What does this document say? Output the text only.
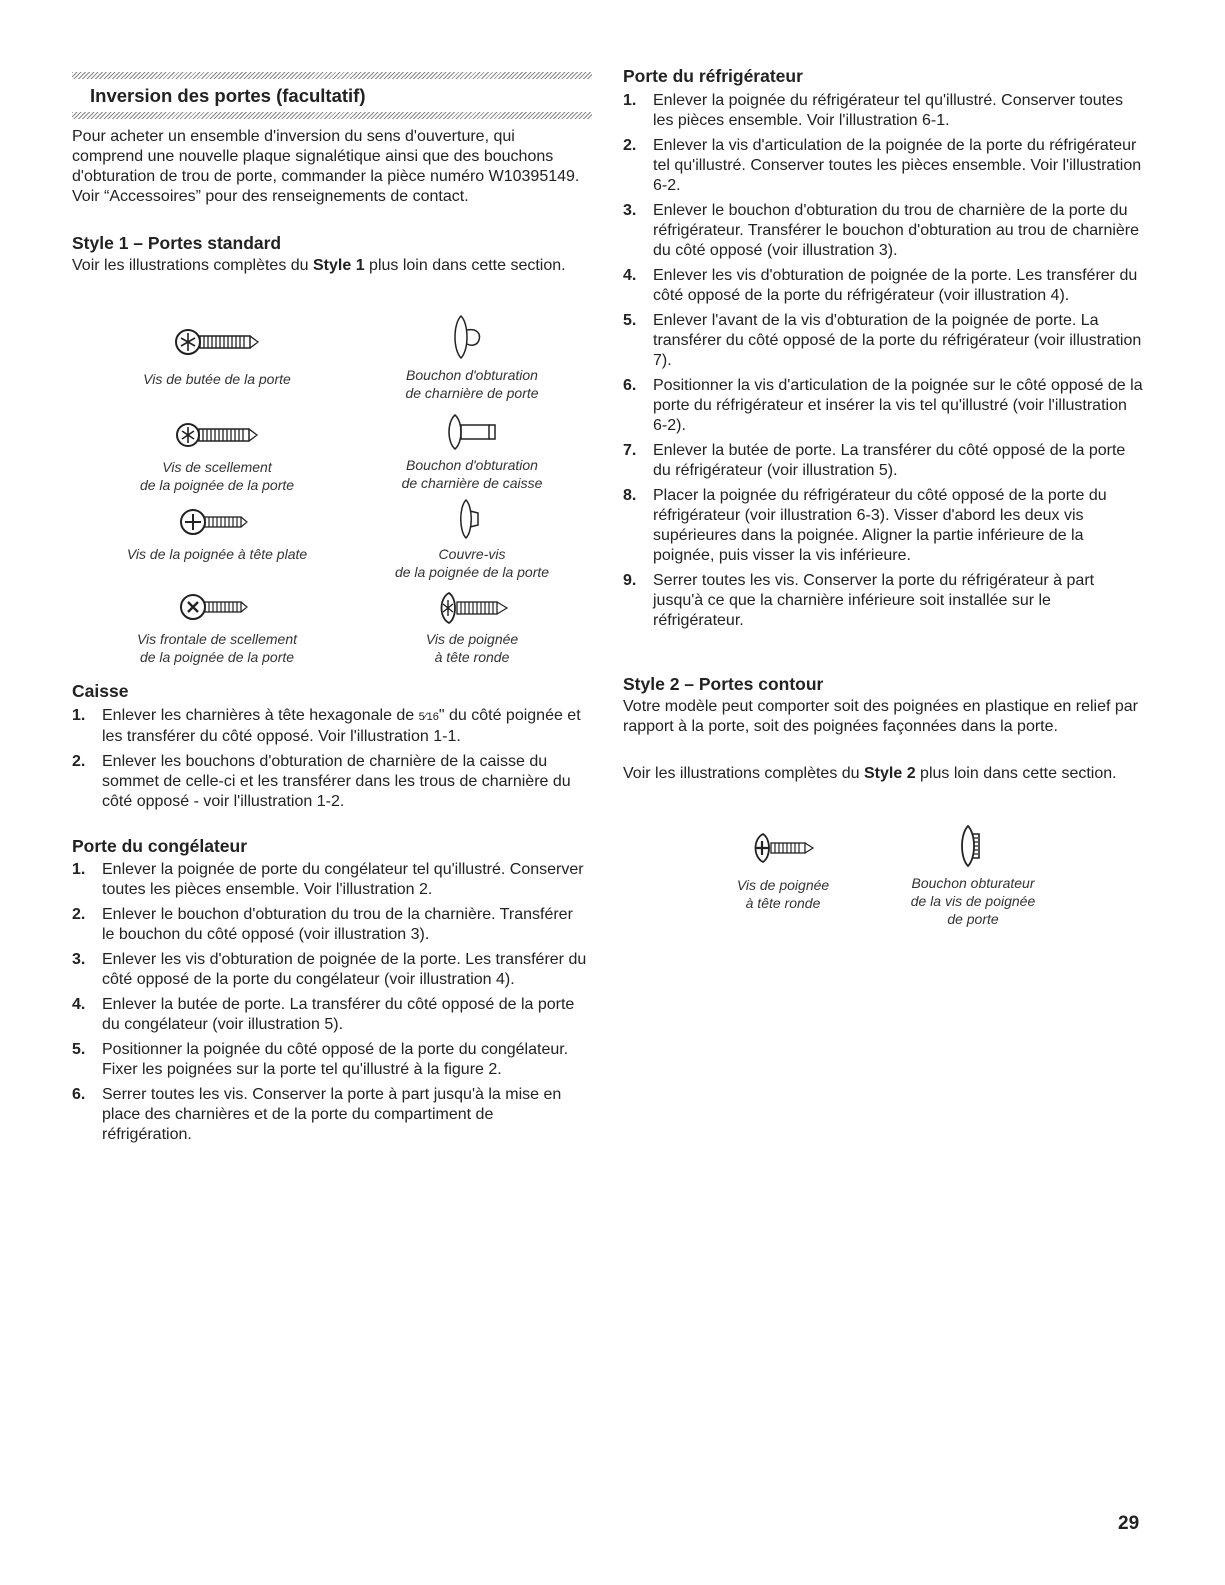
Inversion des portes (facultatif)

Pour acheter un ensemble d'inversion du sens d'ouverture, qui comprend une nouvelle plaque signalétique ainsi que des bouchons d'obturation de trou de porte, commander la pièce numéro W10395149. Voir “Accessoires” pour des renseignements de contact.

Style 1 – Portes standard

Voir les illustrations complètes du Style 1 plus loin dans cette section.

Vis de butée de la porte	Bouchon d'obturation
de charnière de porte
Vis de scellement
de la poignée de la porte
Bouchon d'obturation
de charnière de caisse
Vis de la poignée à tête plate	Couvre-vis
de la poignée de la porte
Vis frontale de scellement
de la poignée de la porte
Vis de poignée
à tête ronde
Caisse
1. Enlever les charnières à tête hexagonale de 5⁄16" du côté poignée et les transférer du côté opposé. Voir l'illustration 1-1.
2. Enlever les bouchons d'obturation de charnière de la caisse du sommet de celle-ci et les transférer dans les trous de charnière du côté opposé - voir l'illustration 1-2.
Porte du congélateur
1. Enlever la poignée de porte du congélateur tel qu'illustré. Conserver toutes les pièces ensemble. Voir l'illustration 2.
2. Enlever le bouchon d'obturation du trou de la charnière. Transférer le bouchon du côté opposé (voir illustration 3).
3. Enlever les vis d'obturation de poignée de la porte. Les transférer du côté opposé de la porte du congélateur (voir illustration 4).
4. Enlever la butée de porte. La transférer du côté opposé de la porte du congélateur (voir illustration 5).
5. Positionner la poignée du côté opposé de la porte du congélateur. Fixer les poignées sur la porte tel qu'illustré à la figure 2.
6. Serrer toutes les vis. Conserver la porte à part jusqu'à la mise en place des charnières et de la porte du compartiment de réfrigération.
Porte du réfrigérateur
1. Enlever la poignée du réfrigérateur tel qu'illustré. Conserver toutes les pièces ensemble. Voir l'illustration 6-1.
2. Enlever la vis d'articulation de la poignée de la porte du réfrigérateur tel qu'illustré. Conserver toutes les pièces ensemble. Voir l'illustration 6-2.
3. Enlever le bouchon d'obturation du trou de charnière de la porte du réfrigérateur. Transférer le bouchon d'obturation au trou de charnière du côté opposé (voir illustration 3).
4. Enlever les vis d'obturation de poignée de la porte. Les transférer du côté opposé de la porte du réfrigérateur (voir illustration 4).
5. Enlever l'avant de la vis d'obturation de la poignée de porte. La transférer du côté opposé de la porte du réfrigérateur (voir illustration 7).
6. Positionner la vis d'articulation de la poignée sur le côté opposé de la porte du réfrigérateur et insérer la vis tel qu'illustré (voir l'illustration 6-2).
7. Enlever la butée de porte. La transférer du côté opposé de la porte du réfrigérateur (voir illustration 5).
8. Placer la poignée du réfrigérateur du côté opposé de la porte du réfrigérateur (voir illustration 6-3). Visser d'abord les deux vis supérieures dans la poignée. Aligner la partie inférieure de la poignée, puis visser la vis inférieure.
9. Serrer toutes les vis. Conserver la porte du réfrigérateur à part jusqu'à ce que la charnière inférieure soit installée sur le réfrigérateur.
Style 2 – Portes contour

Votre modèle peut comporter soit des poignées en plastique en relief par rapport à la porte, soit des poignées façonnées dans la porte.

Voir les illustrations complètes du Style 2 plus loin dans cette section.

Vis de poignée
à tête ronde
Bouchon obturateur
de la vis de poignée
de porte
29
